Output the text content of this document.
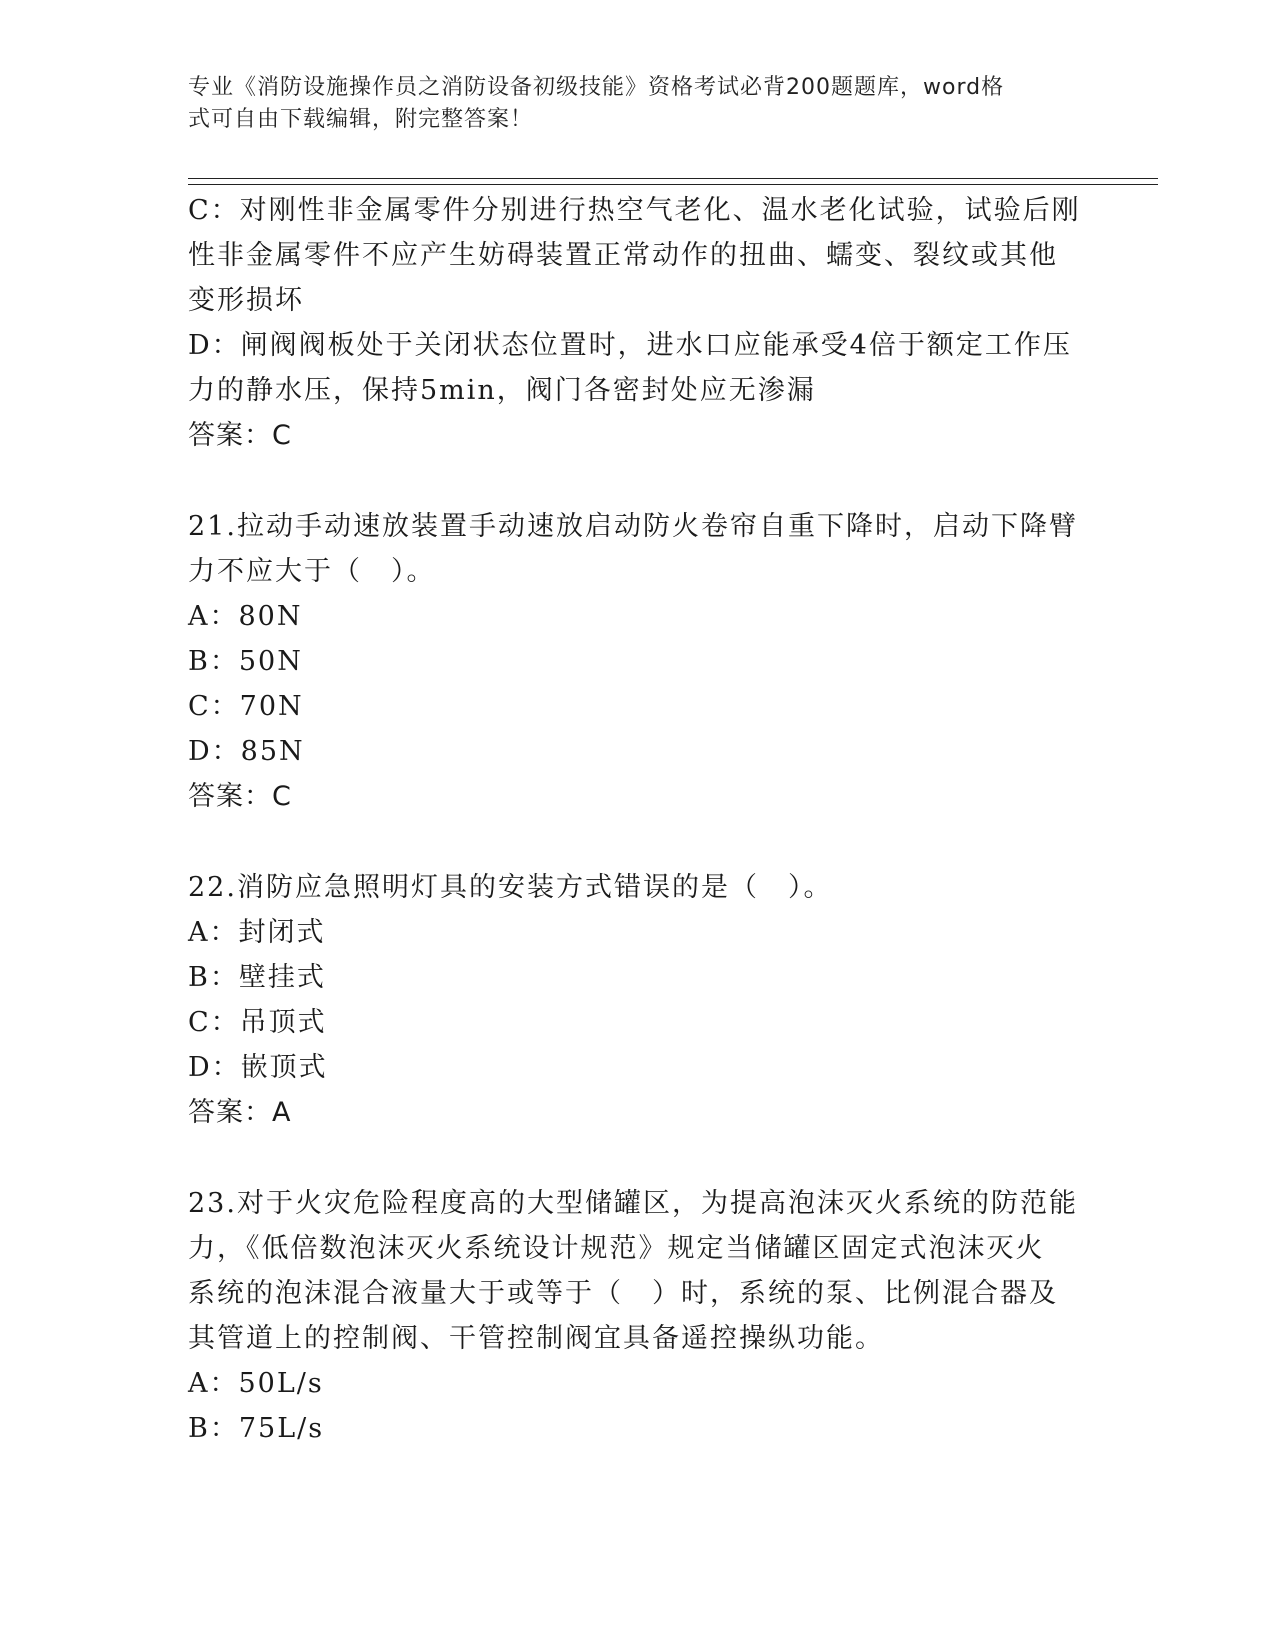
专业《消防设施操作员之消防设备初级技能》资格考试必背200题题库，word格
式可自由下载编辑，附完整答案！
C：对刚性非金属零件分别进行热空气老化、温水老化试验，试验后刚
性非金属零件不应产生妨碍装置正常动作的扭曲、蠕变、裂纹或其他
变形损坏
D：闸阀阀板处于关闭状态位置时，进水口应能承受4倍于额定工作压
力的静水压，保持5min，阀门各密封处应无渗漏
答案：C
21.拉动手动速放装置手动速放启动防火卷帘自重下降时，启动下降臂
力不应大于（　）。
A：80N
B：50N
C：70N
D：85N
答案：C
22.消防应急照明灯具的安装方式错误的是（　）。
A：封闭式
B：壁挂式
C：吊顶式
D：嵌顶式
答案：A
23.对于火灾危险程度高的大型储罐区，为提高泡沫灭火系统的防范能
力，《低倍数泡沫灭火系统设计规范》规定当储罐区固定式泡沫灭火
系统的泡沫混合液量大于或等于（　）时，系统的泵、比例混合器及
其管道上的控制阀、干管控制阀宜具备遥控操纵功能。
A：50L/s
B：75L/s
